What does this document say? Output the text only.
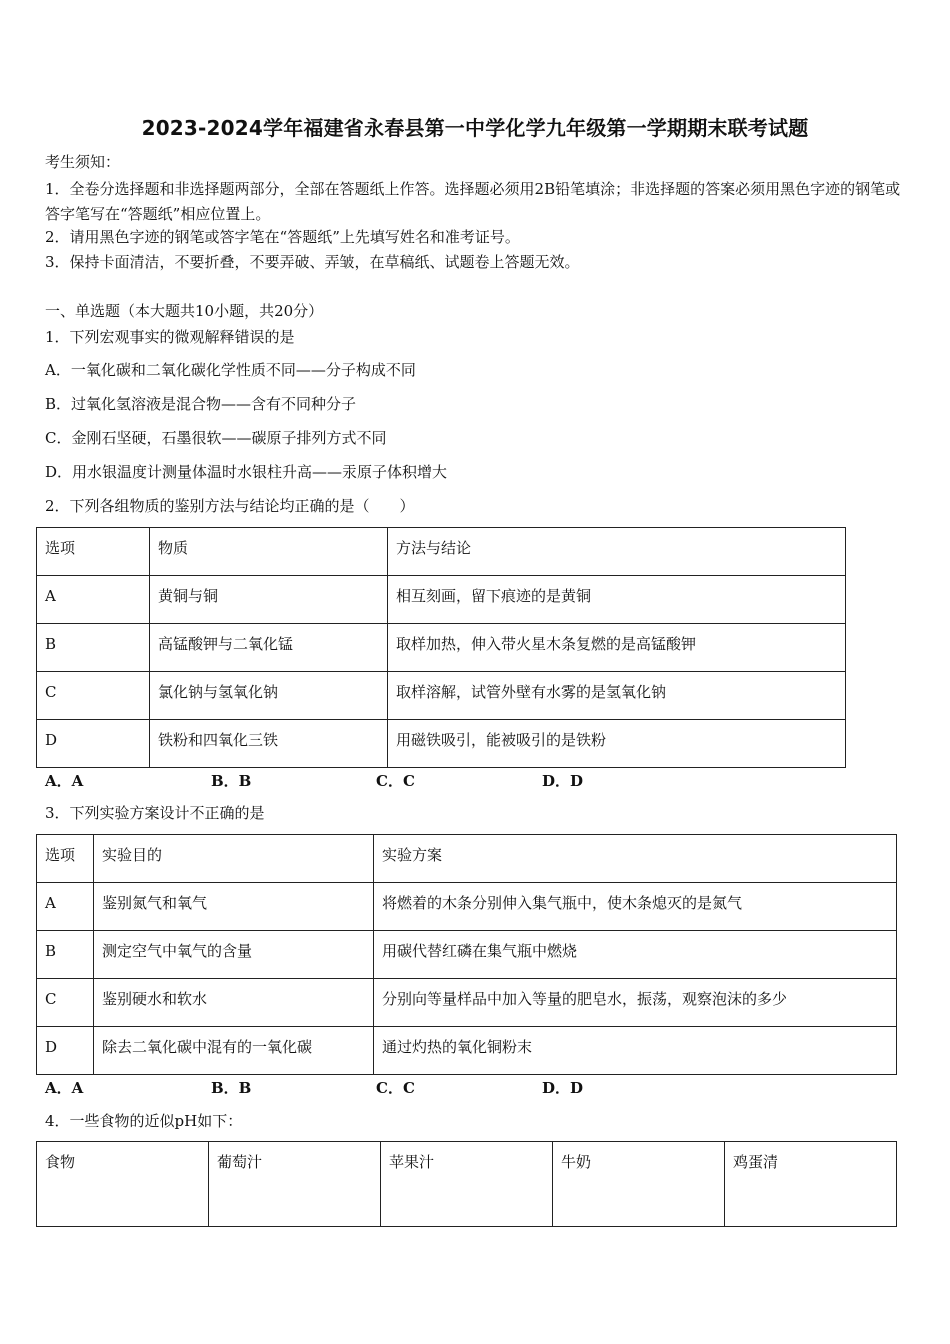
2023-2024学年福建省永春县第一中学化学九年级第一学期期末联考试题
考生须知：
1．全卷分选择题和非选择题两部分，全部在答题纸上作答。选择题必须用2B铅笔填涂；非选择题的答案必须用黑色字迹的钢笔或答字笔写在“答题纸”相应位置上。
2．请用黑色字迹的钢笔或答字笔在“答题纸”上先填写姓名和准考证号。
3．保持卡面清洁，不要折叠，不要弄破、弄皱，在草稿纸、试题卷上答题无效。
一、单选题（本大题共10小题，共20分）
1．下列宏观事实的微观解释错误的是
A．一氧化碳和二氧化碳化学性质不同——分子构成不同
B．过氧化氢溶液是混合物——含有不同种分子
C．金刚石坚硬，石墨很软——碳原子排列方式不同
D．用水银温度计测量体温时水银柱升高——汞原子体积增大
2．下列各组物质的鉴别方法与结论均正确的是（　　）
选项	物质	方法与结论
A	黄铜与铜	相互刻画，留下痕迹的是黄铜
B	高锰酸钾与二氧化锰	取样加热，伸入带火星木条复燃的是高锰酸钾
C	氯化钠与氢氧化钠	取样溶解，试管外壁有水雾的是氢氧化钠
D	铁粉和四氧化三铁	用磁铁吸引，能被吸引的是铁粉
A．A	B．B	C．C	D．D
3．下列实验方案设计不正确的是
选项	实验目的	实验方案
A	鉴别氮气和氧气	将燃着的木条分别伸入集气瓶中，使木条熄灭的是氮气
B	测定空气中氧气的含量	用碳代替红磷在集气瓶中燃烧
C	鉴别硬水和软水	分别向等量样品中加入等量的肥皂水，振荡，观察泡沫的多少
D	除去二氧化碳中混有的一氧化碳	通过灼热的氧化铜粉末
A．A	B．B	C．C	D．D
4．一些食物的近似pH如下：
食物	葡萄汁	苹果汁	牛奶	鸡蛋清
